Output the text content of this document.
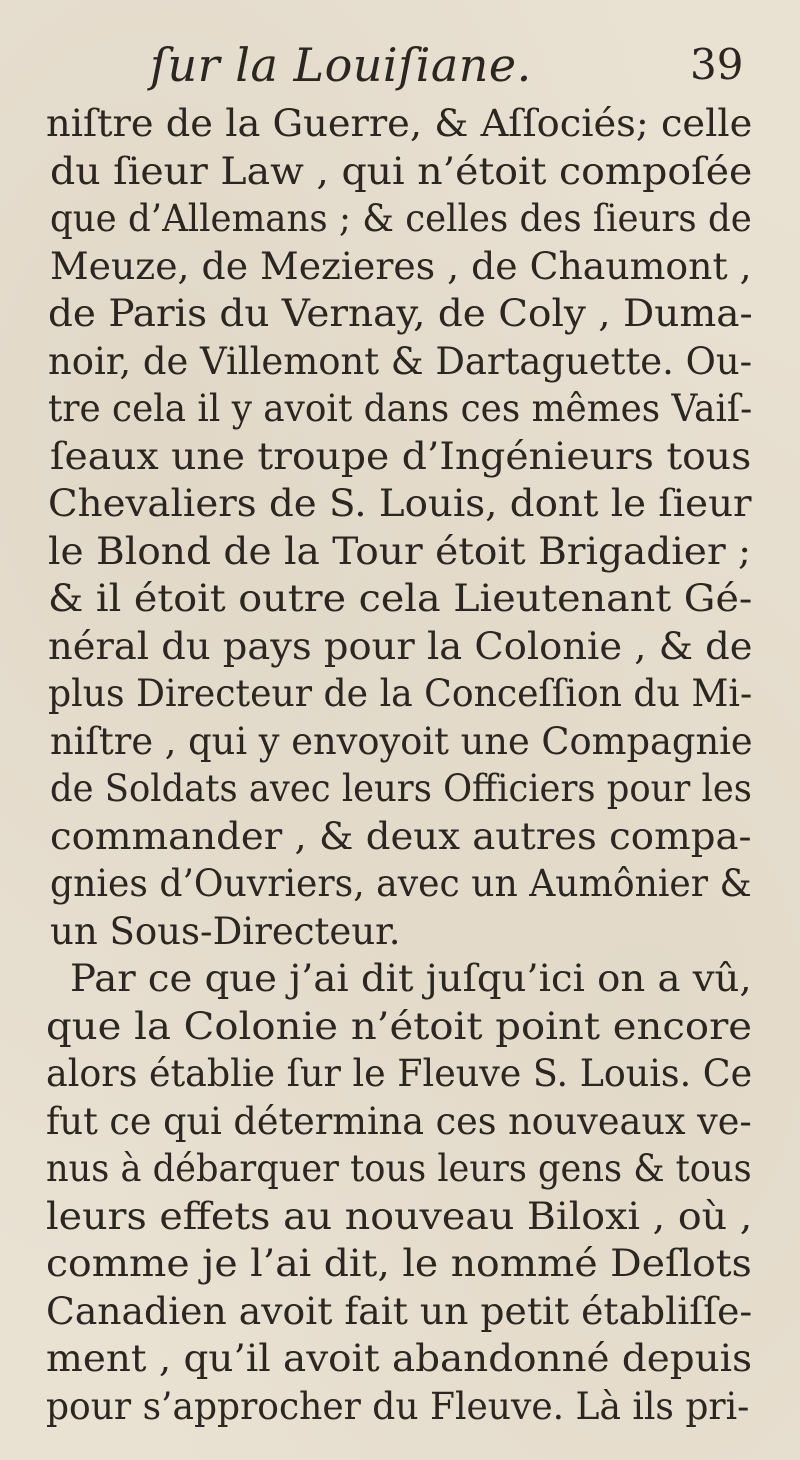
ſur la Louiſiane.	39
niſtre de la Guerre, & Aſſociés; celle
du ſieur Law , qui n’étoit compoſée
que d’Allemans ; & celles des ſieurs de
Meuze, de Mezieres , de Chaumont ,
de Paris du Vernay, de Coly , Duma-
noir, de Villemont & Dartaguette. Ou-
tre cela il y avoit dans ces mêmes Vaiſ-
ſeaux une troupe d’Ingénieurs tous
Chevaliers de S. Louis, dont le ſieur
le Blond de la Tour étoit Brigadier ;
& il étoit outre cela Lieutenant Gé-
néral du pays pour la Colonie , & de
plus Directeur de la Conceſſion du Mi-
niſtre , qui y envoyoit une Compagnie
de Soldats avec leurs Officiers pour les
commander , & deux autres compa-
gnies d’Ouvriers, avec un Aumônier &
un Sous-Directeur.
Par ce que j’ai dit juſqu’ici on a vû,
que la Colonie n’étoit point encore
alors établie ſur le Fleuve S. Louis. Ce
fut ce qui détermina ces nouveaux ve-
nus à débarquer tous leurs gens & tous
leurs effets au nouveau Biloxi , où ,
comme je l’ai dit, le nommé Deſlots
Canadien avoit fait un petit établiſſe-
ment , qu’il avoit abandonné depuis
pour s’approcher du Fleuve. Là ils pri-
